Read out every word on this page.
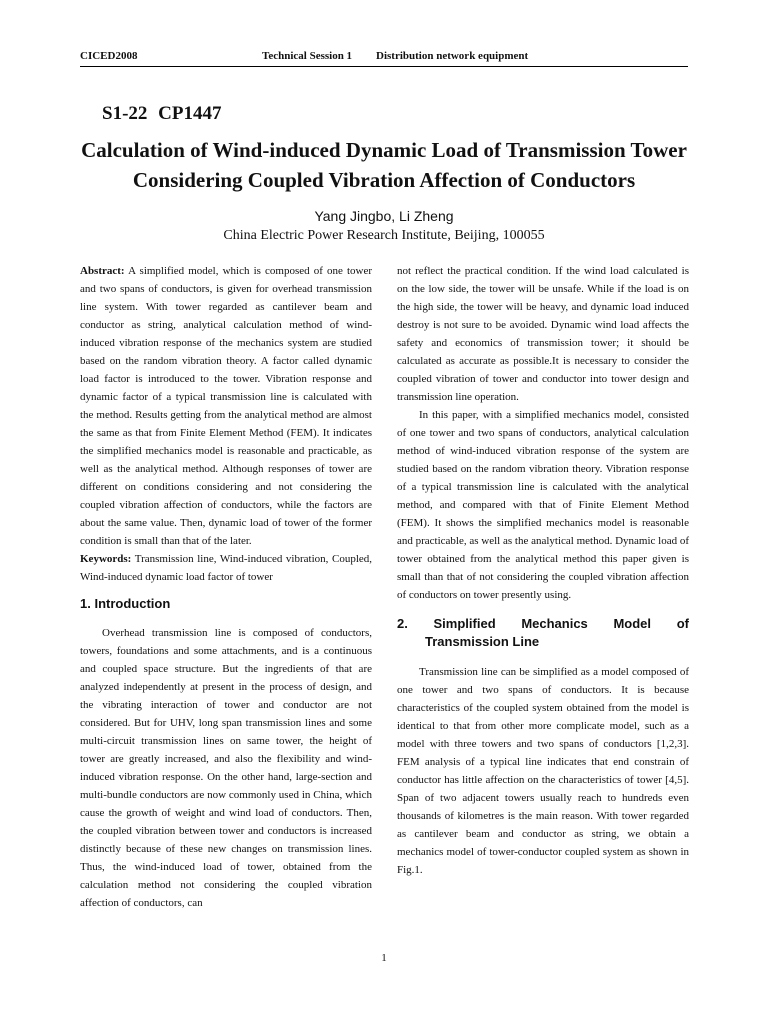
CICED2008	Technical Session 1 Distribution network equipment
S1-22 CP1447
Calculation of Wind-induced Dynamic Load of Transmission Tower
Considering Coupled Vibration Affection of Conductors
Yang Jingbo, Li Zheng
China Electric Power Research Institute, Beijing, 100055

Abstract: A simplified model, which is composed of one tower and two spans of conductors, is given for overhead transmission line system. With tower regarded as cantilever beam and conductor as string, analytical calculation method of wind-induced vibration response of the mechanics system are studied based on the random vibration theory. A factor called dynamic load factor is introduced to the tower. Vibration response and dynamic factor of a typical transmission line is calculated with the method. Results getting from the analytical method are almost the same as that from Finite Element Method (FEM). It indicates the simplified mechanics model is reasonable and practicable, as well as the analytical method. Although responses of tower are different on conditions considering and not considering the coupled vibration affection of conductors, while the factors are about the same value. Then, dynamic load of tower of the former condition is small than that of the later.

Keywords: Transmission line, Wind-induced vibration, Coupled, Wind-induced dynamic load factor of tower

1. Introduction

Overhead transmission line is composed of conductors, towers, foundations and some attachments, and is a continuous and coupled space structure. But the ingredients of that are analyzed independently at present in the process of design, and the vibrating interaction of tower and conductor are not considered. But for UHV, long span transmission lines and some multi-circuit transmission lines on same tower, the height of tower are greatly increased, and also the flexibility and wind-induced vibration response. On the other hand, large-section and multi-bundle conductors are now commonly used in China, which cause the growth of weight and wind load of conductors. Then, the coupled vibration between tower and conductors is increased distinctly because of these new changes on transmission lines. Thus, the wind-induced load of tower, obtained from the calculation method not considering the coupled vibration affection of conductors, can

not reflect the practical condition. If the wind load calculated is on the low side, the tower will be unsafe. While if the load is on the high side, the tower will be heavy, and dynamic load induced destroy is not sure to be avoided. Dynamic wind load affects the safety and economics of transmission tower; it should be calculated as accurate as possible.It is necessary to consider the coupled vibration of tower and conductor into tower design and transmission line operation.

In this paper, with a simplified mechanics model, consisted of one tower and two spans of conductors, analytical calculation method of wind-induced vibration response of the system are studied based on the random vibration theory. Vibration response of a typical transmission line is calculated with the analytical method, and compared with that of Finite Element Method (FEM). It shows the simplified mechanics model is reasonable and practicable, as well as the analytical method. Dynamic load of tower obtained from the analytical method this paper given is small than that of not considering the coupled vibration affection of conductors on tower presently using.

2. Simplified Mechanics Model of
Transmission Line

Transmission line can be simplified as a model composed of one tower and two spans of conductors. It is because characteristics of the coupled system obtained from the model is identical to that from other more complicate model, such as a model with three towers and two spans of conductors [1,2,3]. FEM analysis of a typical line indicates that end constrain of conductor has little affection on the characteristics of tower [4,5]. Span of two adjacent towers usually reach to hundreds even thousands of kilometres is the main reason. With tower regarded as cantilever beam and conductor as string, we obtain a mechanics model of tower-conductor coupled system as shown in Fig.1.

1
